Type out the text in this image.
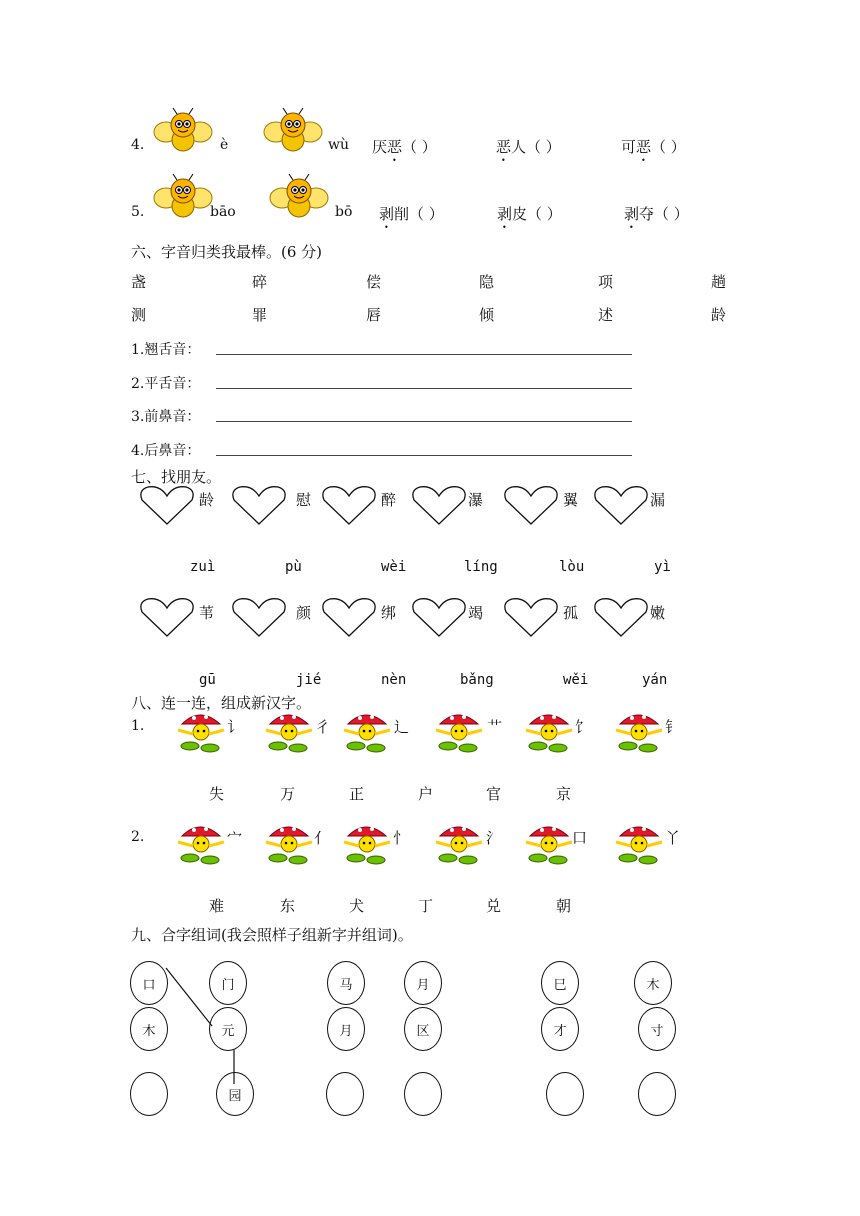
4.	è	wù 厌恶（ ）	恶人（ ）	可恶（ ）
5.	bāo	bō 剥削（ ）	剥皮（ ）	剥夺（ ）
六、字音归类我最棒。(6 分)
盏	碎	偿	隐	项	趟
测	罪	唇	倾	述	龄
1.翘舌音：
2.平舌音：
3.前鼻音：
4.后鼻音：
七、找朋友。
龄	慰	醉	瀑	翼	漏
zuì	pù	wèi	líng	lòu	yì
苇	颜	绑	竭	孤	嫩
gū	jié	nèn	bǎng	wěi	yán
八、连一连，组成新汉字。
1.
2.
讠	彳	辶	艹	饣	钅
失	万	正	户	官	京
宀	亻	忄	氵	口	丫
难	东	犬	丁	兑	朝
九、合字组词(我会照样子组新字并组词)。
口	门
木	元
园
马	月
月	区
巳	木
才	寸
